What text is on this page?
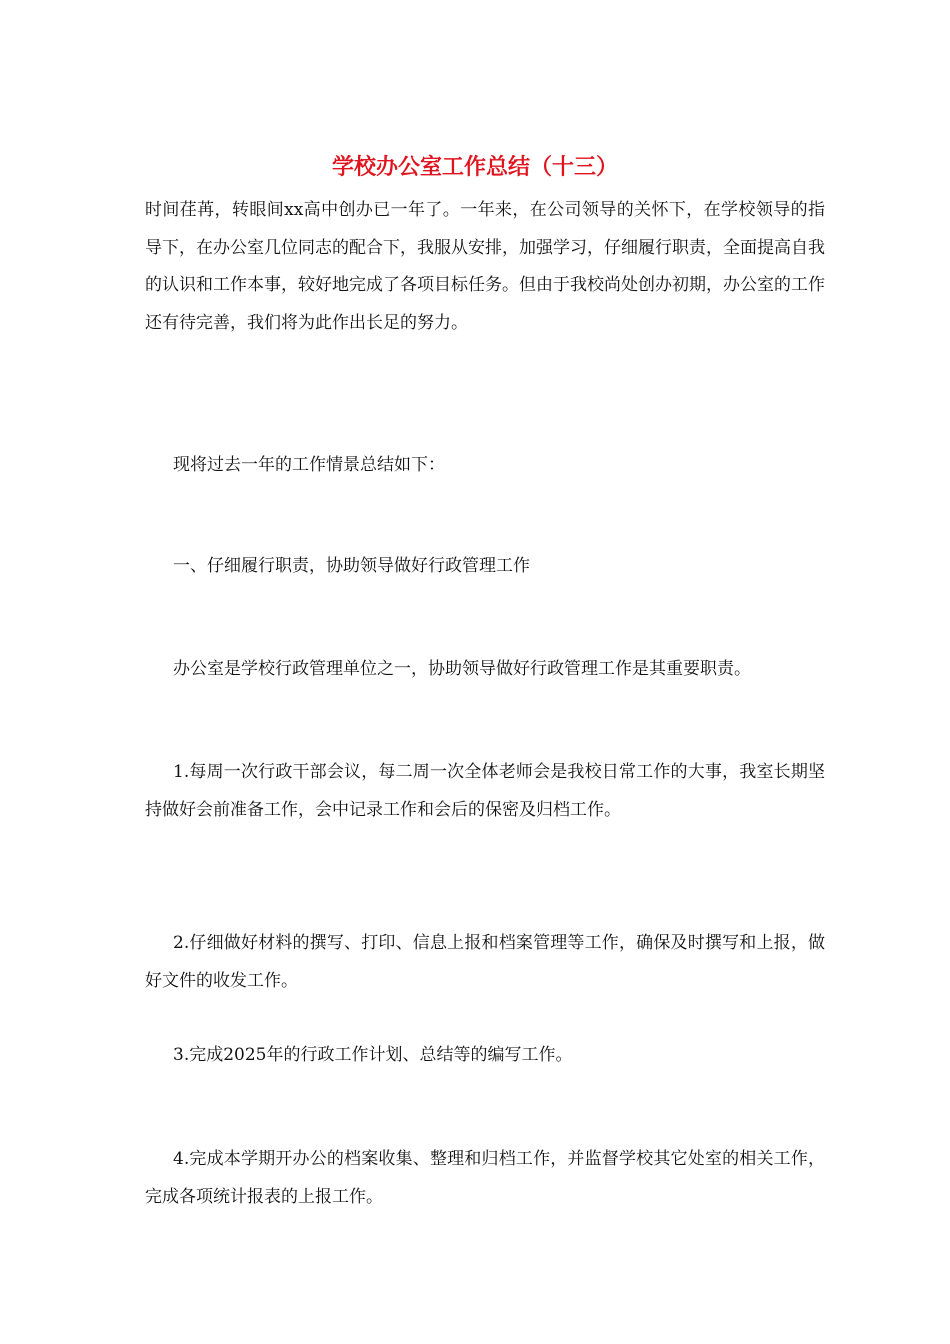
学校办公室工作总结（十三）

时间荏苒，转眼间xx高中创办已一年了。一年来，在公司领导的关怀下，在学校领导的指导下，在办公室几位同志的配合下，我服从安排，加强学习，仔细履行职责，全面提高自我的认识和工作本事，较好地完成了各项目标任务。但由于我校尚处创办初期，办公室的工作还有待完善，我们将为此作出长足的努力。

现将过去一年的工作情景总结如下：

一、仔细履行职责，协助领导做好行政管理工作

办公室是学校行政管理单位之一，协助领导做好行政管理工作是其重要职责。

1.每周一次行政干部会议，每二周一次全体老师会是我校日常工作的大事，我室长期坚持做好会前准备工作，会中记录工作和会后的保密及归档工作。

2.仔细做好材料的撰写、打印、信息上报和档案管理等工作，确保及时撰写和上报，做好文件的收发工作。

3.完成2025年的行政工作计划、总结等的编写工作。

4.完成本学期开办公的档案收集、整理和归档工作，并监督学校其它处室的相关工作，完成各项统计报表的上报工作。
